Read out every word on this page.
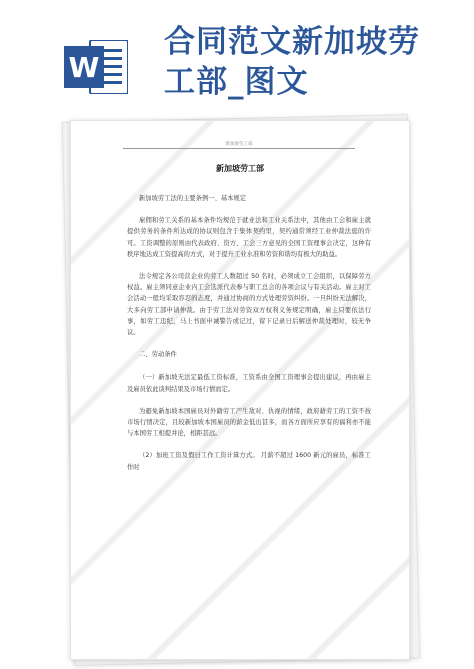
W
合同范文新加坡劳
工部_图文
新加坡劳工部
新加坡劳工部

新加坡劳工法的主要条例一、基本规定

雇佣和劳工关系的基本条件均规范于就业法和工业关系法中，其他由工会和雇主就提供劳务的条件所达成的协议则包含于集体契约里，契约通常须经工业仲裁法庭的许可。工资调整的原则由代表政府、资方、工会三方意见的全国工资理事会决定，这种有秩序地达成工资提高的方式，对于提升工业水准和劳资和谐均有极大的助益。

法令规定各公司营企业的劳工人数超过 50 名时，必须成立工会组织，以保障劳方权益。雇主须同意企业内工会选派代表参与职工总会的各项会议与有关活动。雇主对工会活动一般均采取容忍的态度，并通过协商的方式处理劳资纠纷。一旦纠纷无法解决，大多向劳工部申请仲裁。由于劳工法对劳资双方权利义务规定明确，雇主只要依法行事，如劳工违纪，马上书面申诫警告或记过，留下记录日后解送仲裁处理时，较无争议。

二、劳动条件

（一）新加坡无法定最低工资标准，工资系由全国工资理事会提出建议，再由雇主及雇员依此谈判结果及市场行情而定。

为避免新加坡本国雇员对外籍劳工产生敌对、仇视的情绪，政府藉劳工的工资不按市场行情决定，且较新加坡本国雇员的薪金低出甚多，而各方面所应享有的福利亦不能与本国劳工相提并论，相距甚远。

（2）加班工资及假日工作工资计算方式。 月薪不超过 1600 新元的雇员，标准工作时
